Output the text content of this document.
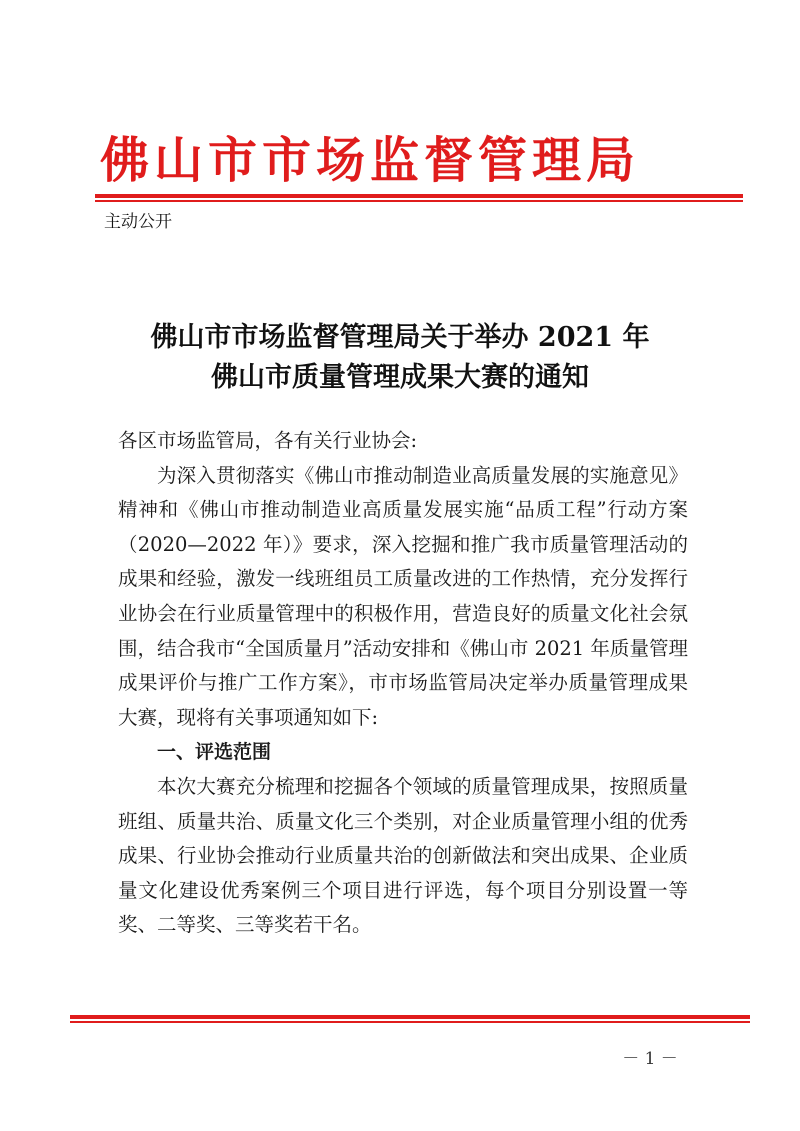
佛山市市场监督管理局
主动公开
佛山市市场监督管理局关于举办 2021 年
佛山市质量管理成果大赛的通知

各区市场监管局，各有关行业协会:

为深入贯彻落实《佛山市推动制造业高质量发展的实施意见》精神和《佛山市推动制造业高质量发展实施“品质工程”行动方案（2020—2022 年）》要求，深入挖掘和推广我市质量管理活动的成果和经验，激发一线班组员工质量改进的工作热情，充分发挥行业协会在行业质量管理中的积极作用，营造良好的质量文化社会氛围，结合我市“全国质量月”活动安排和《佛山市 2021 年质量管理成果评价与推广工作方案》，市市场监管局决定举办质量管理成果大赛，现将有关事项通知如下:

一、评选范围

本次大赛充分梳理和挖掘各个领域的质量管理成果，按照质量班组、质量共治、质量文化三个类别，对企业质量管理小组的优秀成果、行业协会推动行业质量共治的创新做法和突出成果、企业质量文化建设优秀案例三个项目进行评选，每个项目分别设置一等奖、二等奖、三等奖若干名。

－ 1 －
